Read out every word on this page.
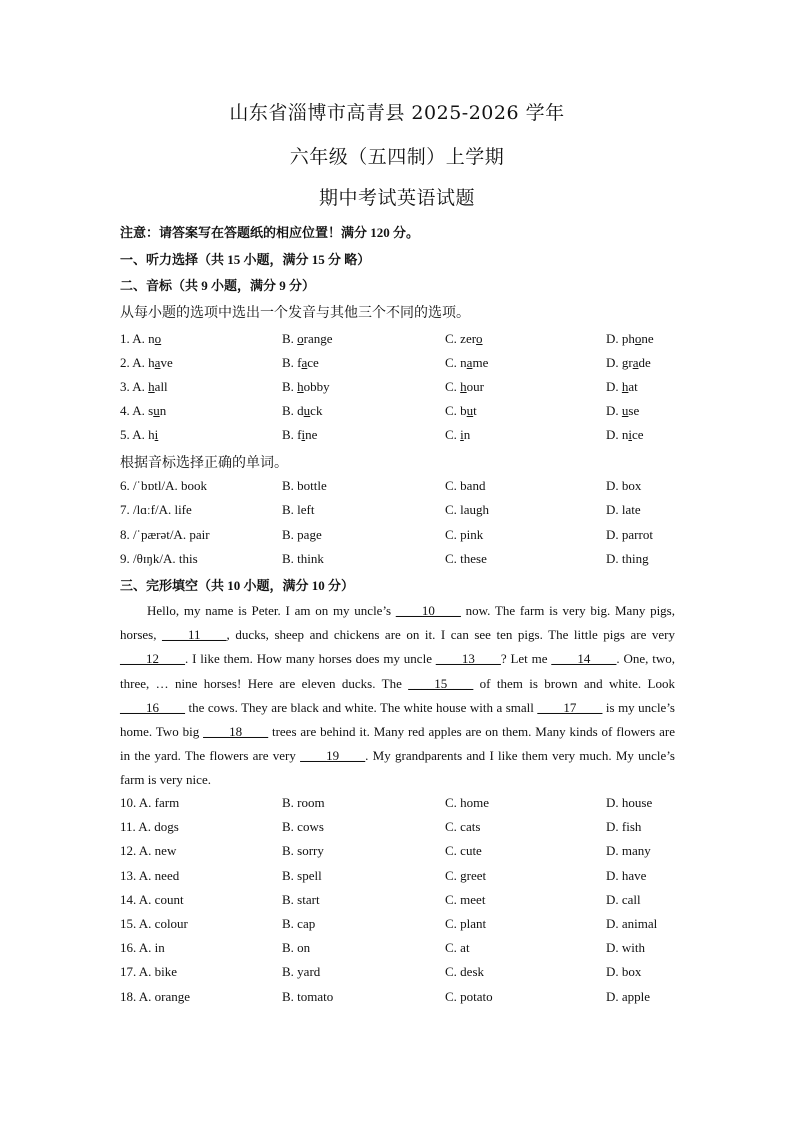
山东省淄博市高青县 2025-2026 学年
六年级（五四制）上学期
期中考试英语试题
注意：请答案写在答题纸的相应位置！满分 120 分。
一、听力选择（共 15 小题，满分 15 分 略）
二、音标（共 9 小题，满分 9 分）
从每小题的选项中选出一个发音与其他三个不同的选项。
1. A. no	B. orange	C. zero	D. phone
2. A. have	B. face	C. name	D. grade
3. A. hall	B. hobby	C. hour	D. hat
4. A. sun	B. duck	C. but	D. use
5. A. hi	B. fine	C. in	D. nice
根据音标选择正确的单词。
6. /ˈbɒtl/A. book	B. bottle	C. band	D. box
7. /lɑːf/A. life	B. left	C. laugh	D. late
8. /ˈpærət/A. pair	B. page	C. pink	D. parrot
9. /θɪŋk/A. this	B. think	C. these	D. thing
三、完形填空（共 10 小题，满分 10 分）
Hello, my name is Peter. I am on my uncle’s ____10____ now. The farm is very big. Many pigs, horses, ____11____, ducks, sheep and chickens are on it. I can see ten pigs. The little pigs are very ____12____. I like them. How many horses does my uncle ____13____? Let me ____14____. One, two, three, … nine horses! Here are eleven ducks. The ____15____ of them is brown and white. Look ____16____ the cows. They are black and white. The white house with a small ____17____ is my uncle’s home. Two big ____18____ trees are behind it. Many red apples are on them. Many kinds of flowers are in the yard. The flowers are very ____19____. My grandparents and I like them very much. My uncle’s farm is very nice.
10. A. farm	B. room	C. home	D. house
11. A. dogs	B. cows	C. cats	D. fish
12. A. new	B. sorry	C. cute	D. many
13. A. need	B. spell	C. greet	D. have
14. A. count	B. start	C. meet	D. call
15. A. colour	B. cap	C. plant	D. animal
16. A. in	B. on	C. at	D. with
17. A. bike	B. yard	C. desk	D. box
18. A. orange	B. tomato	C. potato	D. apple
